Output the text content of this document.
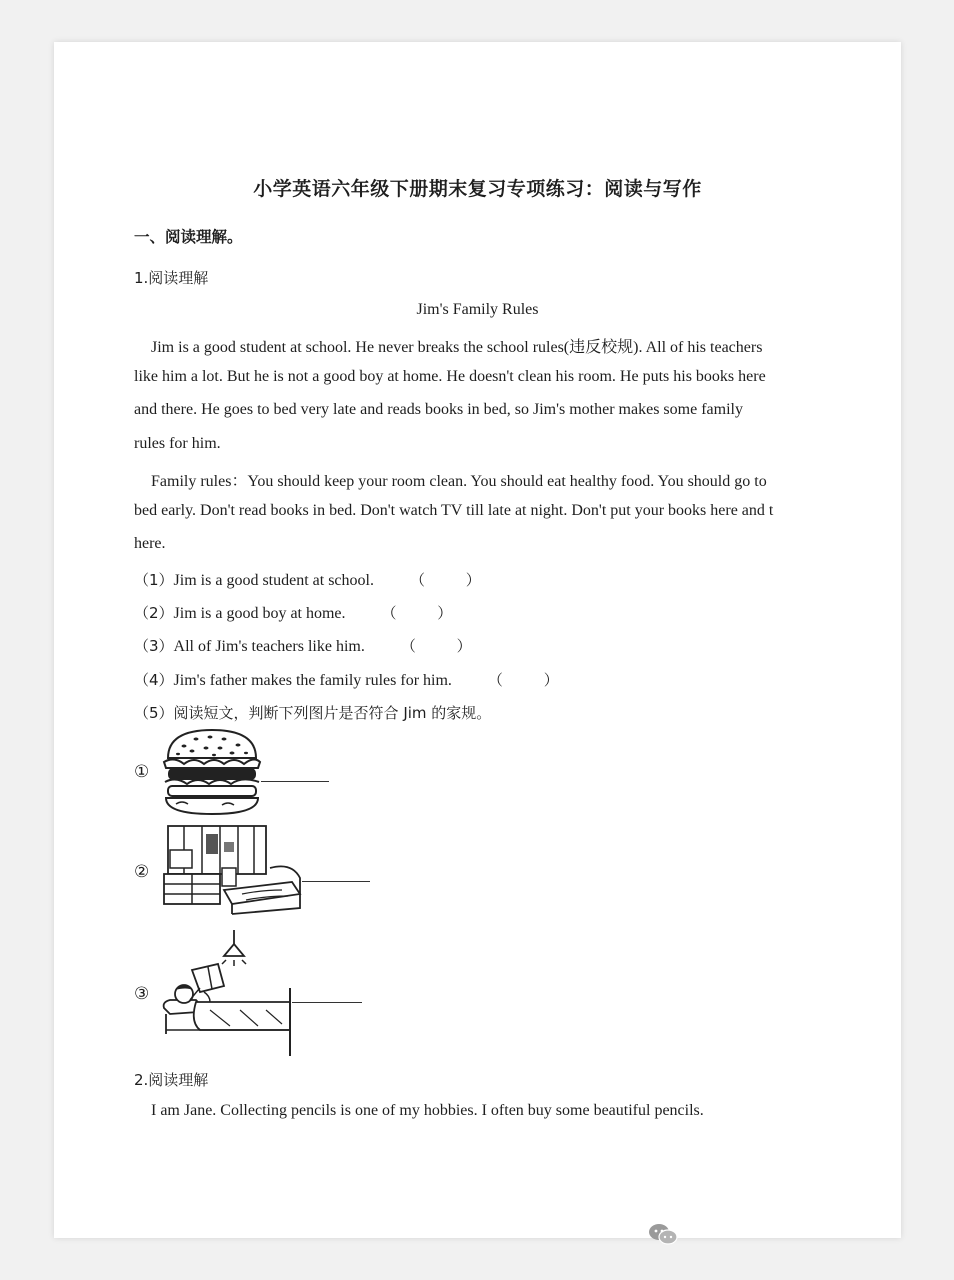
小学英语六年级下册期末复习专项练习：阅读与写作
一、阅读理解。
1.阅读理解
Jim's Family Rules
Jim is a good student at school. He never breaks the school rules(违反校规). All of his teachers
like him a lot. But he is not a good boy at home. He doesn't clean his room. He puts his books here
and there. He goes to bed very late and reads books in bed, so Jim's mother makes some family
rules for him.
Family rules：You should keep your room clean. You should eat healthy food. You should go to
bed early. Don't read books in bed. Don't watch TV till late at night. Don't put your books here and t
here.
（1）Jim is a good student at school. （ ）
（2）Jim is a good boy at home. （ ）
（3）All of Jim's teachers like him. （ ）
（4）Jim's father makes the family rules for him. （ ）
（5）阅读短文，判断下列图片是否符合 Jim 的家规。
①
②
③
2.阅读理解
I am Jane. Collecting pencils is one of my hobbies. I often buy some beautiful pencils.
